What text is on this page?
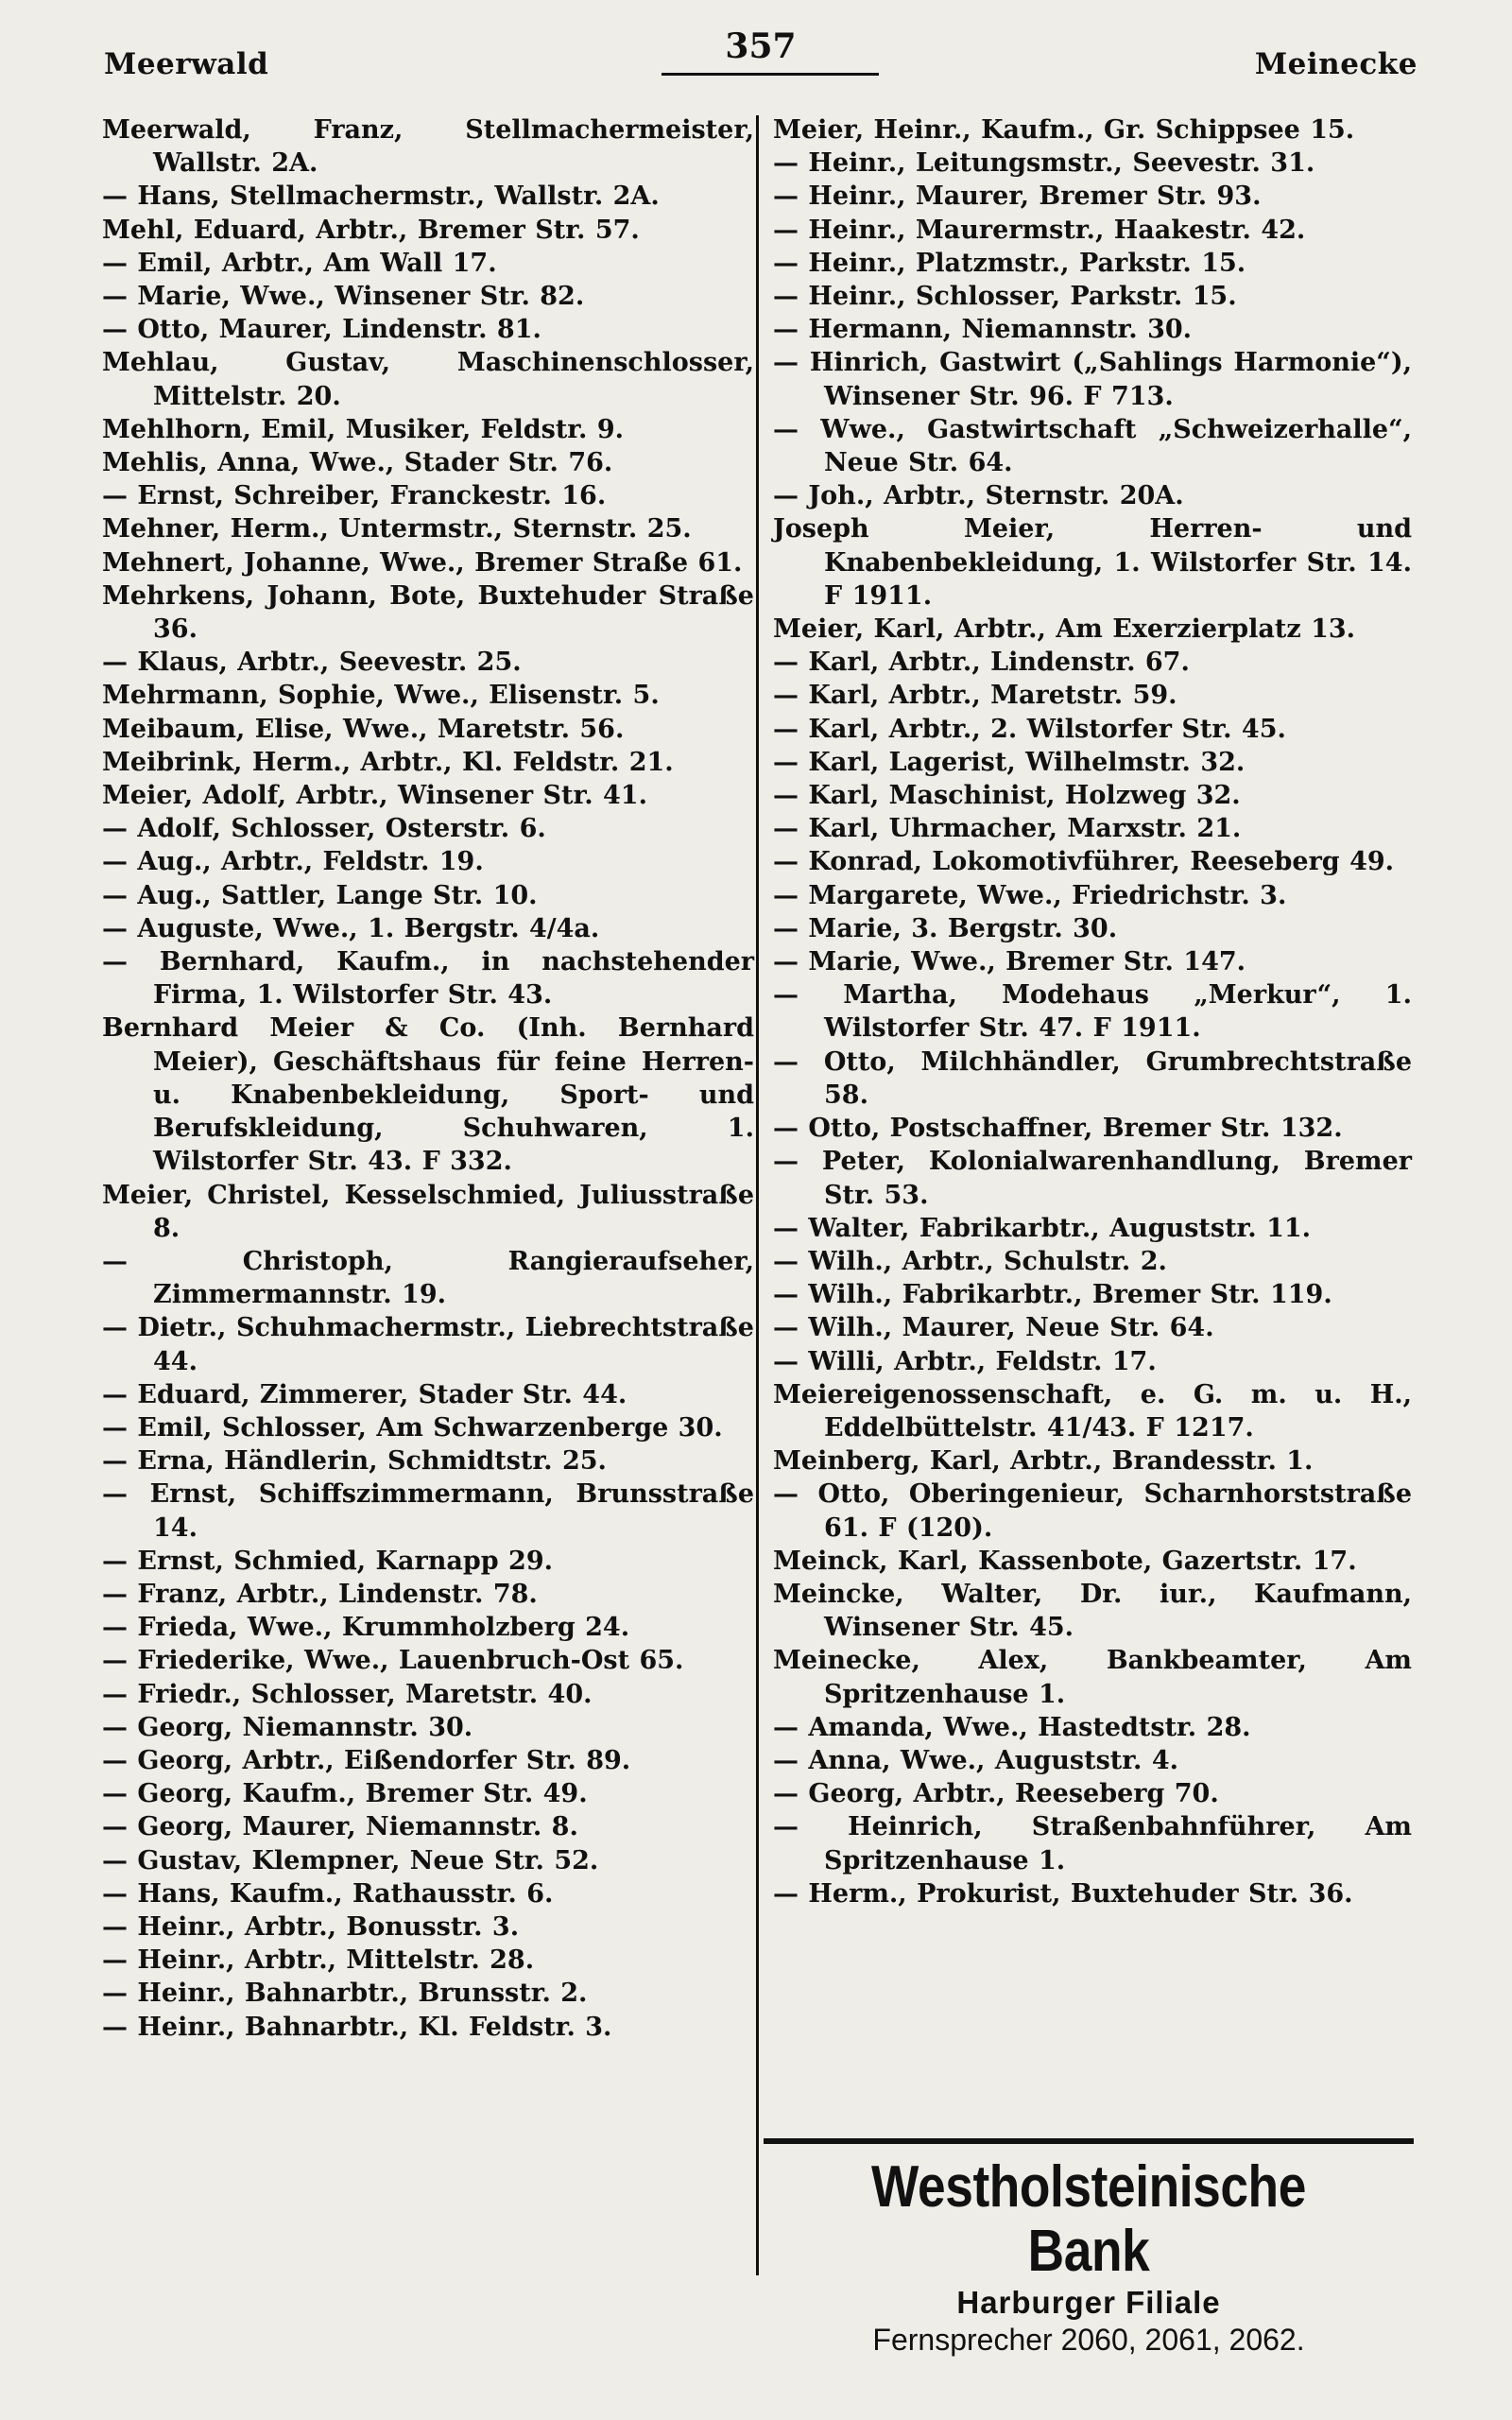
Meerwald	357	Meinecke
Meerwald, Franz, Stellmachermeister, Wallstr. 2A.
— Hans, Stellmachermstr., Wallstr. 2A.
Mehl, Eduard, Arbtr., Bremer Str. 57.
— Emil, Arbtr., Am Wall 17.
— Marie, Wwe., Winsener Str. 82.
— Otto, Maurer, Lindenstr. 81.
Mehlau, Gustav, Maschinenschlosser, Mittelstr. 20.
Mehlhorn, Emil, Musiker, Feldstr. 9.
Mehlis, Anna, Wwe., Stader Str. 76.
— Ernst, Schreiber, Franckestr. 16.
Mehner, Herm., Untermstr., Sternstr. 25.
Mehnert, Johanne, Wwe., Bremer Straße 61.
Mehrkens, Johann, Bote, Buxtehuder Straße 36.
— Klaus, Arbtr., Seevestr. 25.
Mehrmann, Sophie, Wwe., Elisenstr. 5.
Meibaum, Elise, Wwe., Maretstr. 56.
Meibrink, Herm., Arbtr., Kl. Feldstr. 21.
Meier, Adolf, Arbtr., Winsener Str. 41.
— Adolf, Schlosser, Osterstr. 6.
— Aug., Arbtr., Feldstr. 19.
— Aug., Sattler, Lange Str. 10.
— Auguste, Wwe., 1. Bergstr. 4/4a.
— Bernhard, Kaufm., in nachstehender Firma, 1. Wilstorfer Str. 43.
Bernhard Meier & Co. (Inh. Bernhard Meier), Geschäftshaus für feine Herren- u. Knabenbekleidung, Sport- und Berufskleidung, Schuhwaren, 1. Wilstorfer Str. 43. F 332.
Meier, Christel, Kesselschmied, Juliusstraße 8.
— Christoph, Rangieraufseher, Zimmermannstr. 19.
— Dietr., Schuhmachermstr., Liebrechtstraße 44.
— Eduard, Zimmerer, Stader Str. 44.
— Emil, Schlosser, Am Schwarzenberge 30.
— Erna, Händlerin, Schmidtstr. 25.
— Ernst, Schiffszimmermann, Brunsstraße 14.
— Ernst, Schmied, Karnapp 29.
— Franz, Arbtr., Lindenstr. 78.
— Frieda, Wwe., Krummholzberg 24.
— Friederike, Wwe., Lauenbruch-Ost 65.
— Friedr., Schlosser, Maretstr. 40.
— Georg, Niemannstr. 30.
— Georg, Arbtr., Eißendorfer Str. 89.
— Georg, Kaufm., Bremer Str. 49.
— Georg, Maurer, Niemannstr. 8.
— Gustav, Klempner, Neue Str. 52.
— Hans, Kaufm., Rathausstr. 6.
— Heinr., Arbtr., Bonusstr. 3.
— Heinr., Arbtr., Mittelstr. 28.
— Heinr., Bahnarbtr., Brunsstr. 2.
— Heinr., Bahnarbtr., Kl. Feldstr. 3.
Meier, Heinr., Kaufm., Gr. Schippsee 15.
— Heinr., Leitungsmstr., Seevestr. 31.
— Heinr., Maurer, Bremer Str. 93.
— Heinr., Maurermstr., Haakestr. 42.
— Heinr., Platzmstr., Parkstr. 15.
— Heinr., Schlosser, Parkstr. 15.
— Hermann, Niemannstr. 30.
— Hinrich, Gastwirt („Sahlings Harmonie“), Winsener Str. 96. F 713.
— Wwe., Gastwirtschaft „Schweizerhalle“, Neue Str. 64.
— Joh., Arbtr., Sternstr. 20A.
Joseph Meier, Herren- und Knabenbekleidung, 1. Wilstorfer Str. 14. F 1911.
Meier, Karl, Arbtr., Am Exerzierplatz 13.
— Karl, Arbtr., Lindenstr. 67.
— Karl, Arbtr., Maretstr. 59.
— Karl, Arbtr., 2. Wilstorfer Str. 45.
— Karl, Lagerist, Wilhelmstr. 32.
— Karl, Maschinist, Holzweg 32.
— Karl, Uhrmacher, Marxstr. 21.
— Konrad, Lokomotivführer, Reeseberg 49.
— Margarete, Wwe., Friedrichstr. 3.
— Marie, 3. Bergstr. 30.
— Marie, Wwe., Bremer Str. 147.
— Martha, Modehaus „Merkur“, 1. Wilstorfer Str. 47. F 1911.
— Otto, Milchhändler, Grumbrechtstraße 58.
— Otto, Postschaffner, Bremer Str. 132.
— Peter, Kolonialwarenhandlung, Bremer Str. 53.
— Walter, Fabrikarbtr., Auguststr. 11.
— Wilh., Arbtr., Schulstr. 2.
— Wilh., Fabrikarbtr., Bremer Str. 119.
— Wilh., Maurer, Neue Str. 64.
— Willi, Arbtr., Feldstr. 17.
Meiereigenossenschaft, e. G. m. u. H., Eddelbüttelstr. 41/43. F 1217.
Meinberg, Karl, Arbtr., Brandesstr. 1.
— Otto, Oberingenieur, Scharnhorststraße 61. F (120).
Meinck, Karl, Kassenbote, Gazertstr. 17.
Meincke, Walter, Dr. iur., Kaufmann, Winsener Str. 45.
Meinecke, Alex, Bankbeamter, Am Spritzenhause 1.
— Amanda, Wwe., Hastedtstr. 28.
— Anna, Wwe., Auguststr. 4.
— Georg, Arbtr., Reeseberg 70.
— Heinrich, Straßenbahnführer, Am Spritzenhause 1.
— Herm., Prokurist, Buxtehuder Str. 36.
Westholsteinische Bank
Harburger Filiale
Fernsprecher 2060, 2061, 2062.
